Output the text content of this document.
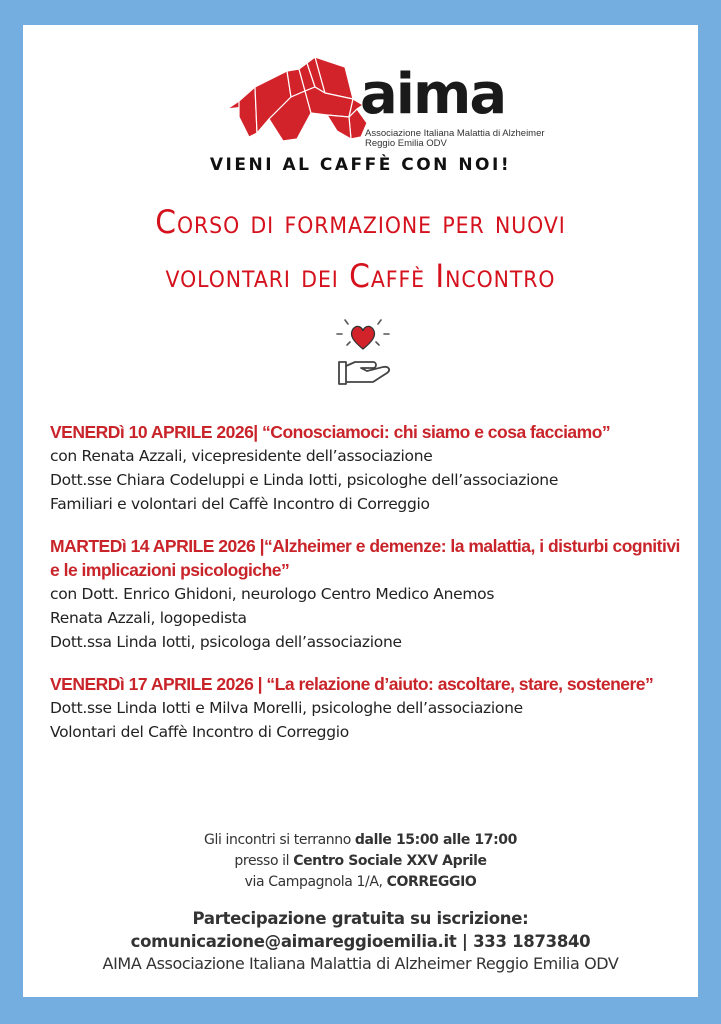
aima
Associazione Italiana Malattia di Alzheimer
Reggio Emilia ODV
VIENI AL CAFFÈ CON NOI!
Corso di formazione per nuovi
volontari dei Caffè Incontro
VENERDì 10 APRILE 2026| “Conosciamoci: chi siamo e cosa facciamo”
con Renata Azzali, vicepresidente dell’associazione
Dott.sse Chiara Codeluppi e Linda Iotti, psicologhe dell’associazione
Familiari e volontari del Caffè Incontro di Correggio
MARTEDì 14 APRILE 2026 |“Alzheimer e demenze: la malattia, i disturbi cognitivi e le implicazioni psicologiche”
con Dott. Enrico Ghidoni, neurologo Centro Medico Anemos
Renata Azzali, logopedista
Dott.ssa Linda Iotti, psicologa dell’associazione
VENERDì 17 APRILE 2026 | “La relazione d’aiuto: ascoltare, stare, sostenere”
Dott.sse Linda Iotti e Milva Morelli, psicologhe dell’associazione
Volontari del Caffè Incontro di Correggio
Gli incontri si terranno dalle 15:00 alle 17:00
presso il Centro Sociale XXV Aprile
via Campagnola 1/A, CORREGGIO
Partecipazione gratuita su iscrizione:
comunicazione@aimareggioemilia.it | 333 1873840
AIMA Associazione Italiana Malattia di Alzheimer Reggio Emilia ODV
